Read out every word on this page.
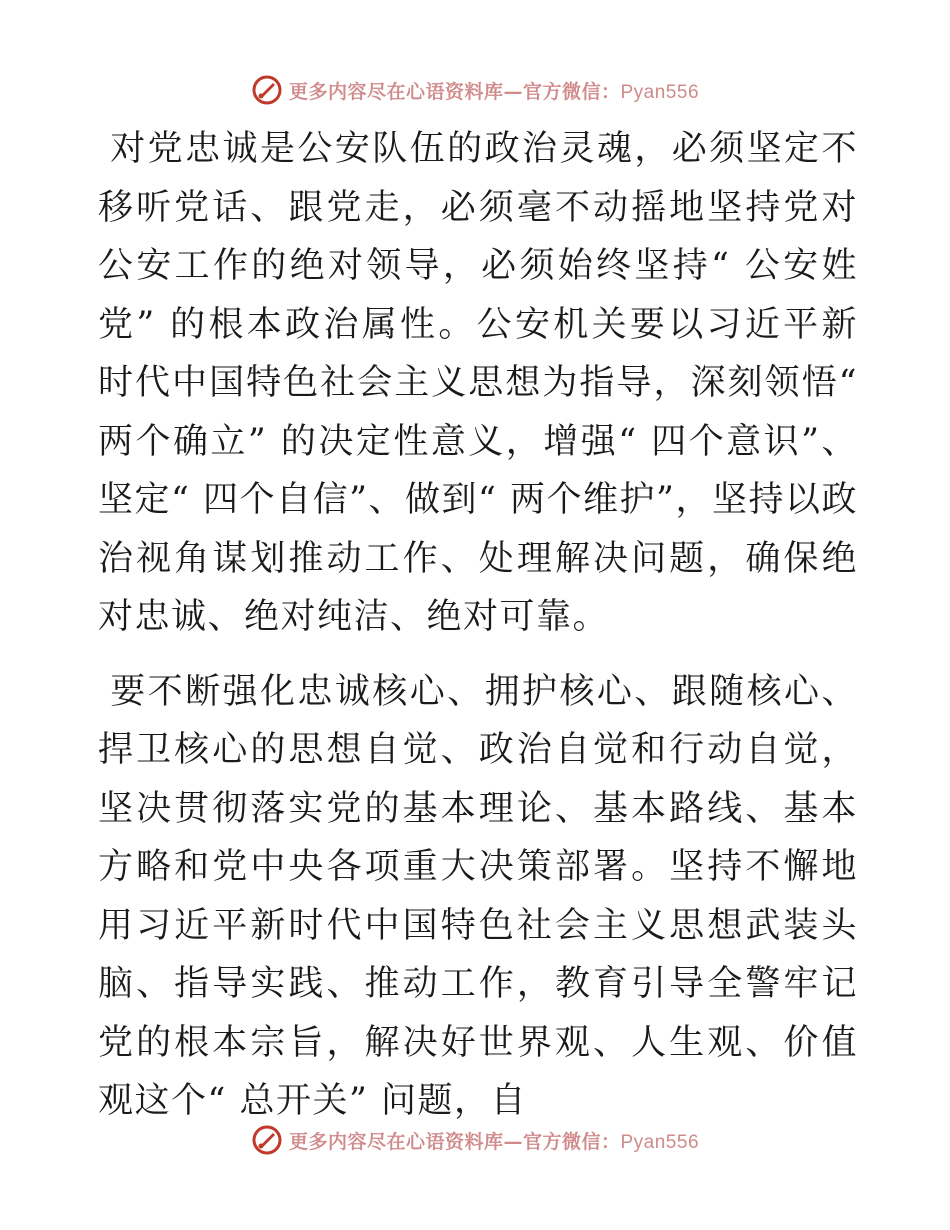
更多内容尽在心语资料库—官方微信：Pyan556

对党忠诚是公安队伍的政治灵魂，必须坚定不移听党话、跟党走，必须毫不动摇地坚持党对公安工作的绝对领导，必须始终坚持“ 公安姓党” 的根本政治属性。公安机关要以习近平新时代中国特色社会主义思想为指导，深刻领悟“ 两个确立” 的决定性意义，增强“ 四个意识”、坚定“ 四个自信”、做到“ 两个维护”，坚持以政治视角谋划推动工作、处理解决问题，确保绝对忠诚、绝对纯洁、绝对可靠。

要不断强化忠诚核心、拥护核心、跟随核心、捍卫核心的思想自觉、政治自觉和行动自觉，坚决贯彻落实党的基本理论、基本路线、基本方略和党中央各项重大决策部署。坚持不懈地用习近平新时代中国特色社会主义思想武装头脑、指导实践、推动工作，教育引导全警牢记党的根本宗旨，解决好世界观、人生观、价值观这个“ 总开关” 问题，自

更多内容尽在心语资料库—官方微信：Pyan556
